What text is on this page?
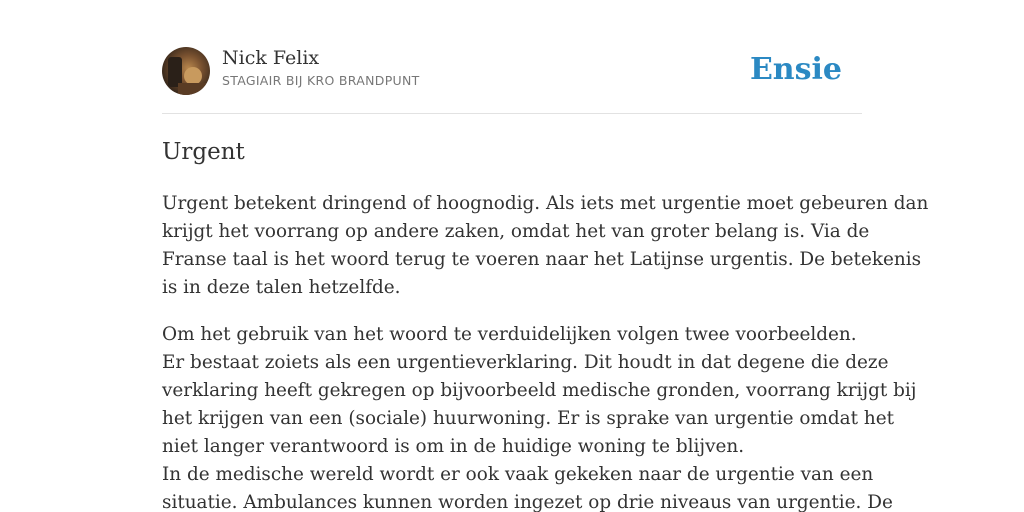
Nick Felix
STAGIAIR BIJ KRO BRANDPUNT	Ensie
Urgent

Urgent betekent dringend of hoognodig. Als iets met urgentie moet gebeuren dan
krijgt het voorrang op andere zaken, omdat het van groter belang is. Via de
Franse taal is het woord terug te voeren naar het Latijnse urgentis. De betekenis
is in deze talen hetzelfde.

Om het gebruik van het woord te verduidelijken volgen twee voorbeelden.
Er bestaat zoiets als een urgentieverklaring. Dit houdt in dat degene die deze
verklaring heeft gekregen op bijvoorbeeld medische gronden, voorrang krijgt bij
het krijgen van een (sociale) huurwoning. Er is sprake van urgentie omdat het
niet langer verantwoord is om in de huidige woning te blijven.
In de medische wereld wordt er ook vaak gekeken naar de urgentie van een
situatie. Ambulances kunnen worden ingezet op drie niveaus van urgentie. De
